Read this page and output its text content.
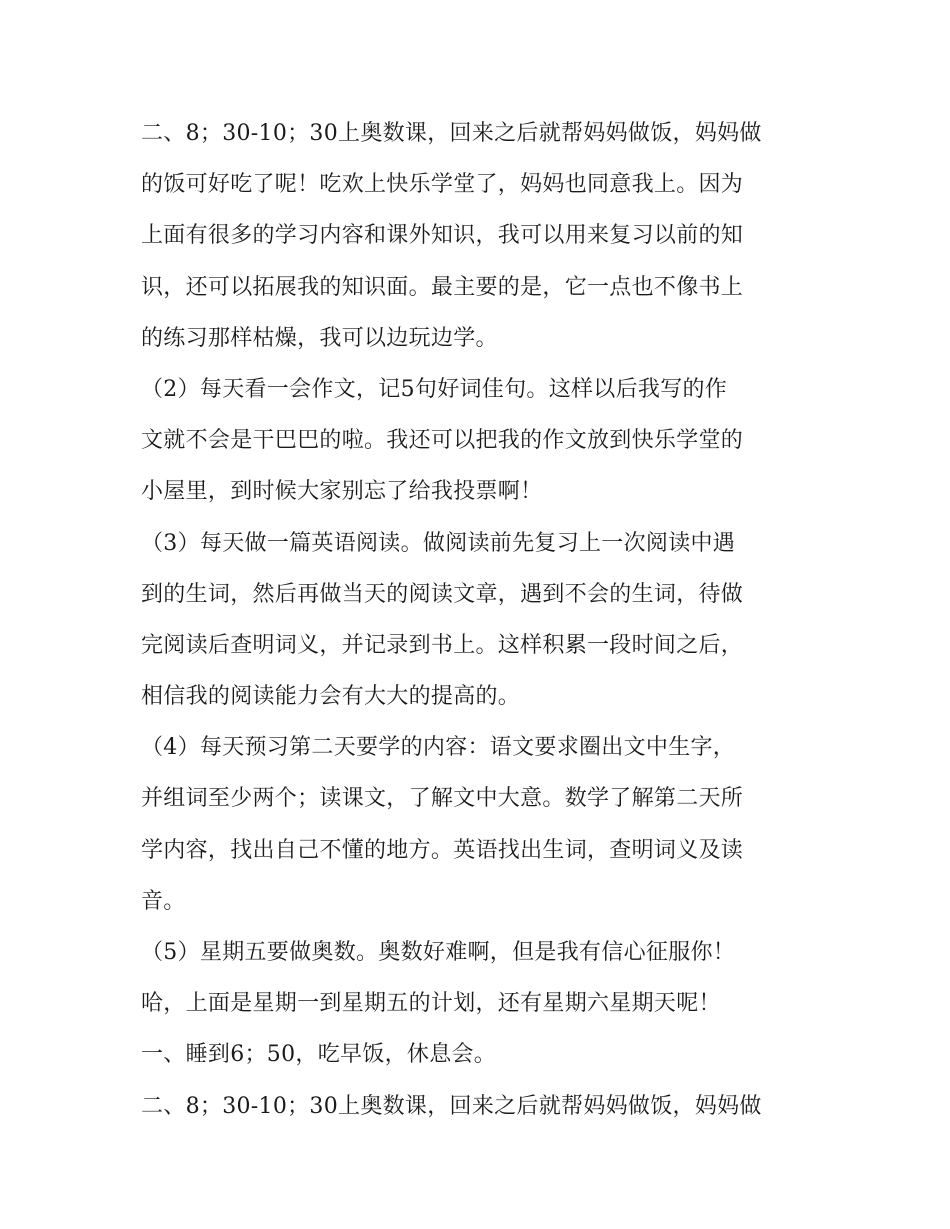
二、8；30-10；30上奥数课，回来之后就帮妈妈做饭，妈妈做
的饭可好吃了呢！吃欢上快乐学堂了，妈妈也同意我上。因为
上面有很多的学习内容和课外知识，我可以用来复习以前的知
识，还可以拓展我的知识面。最主要的是，它一点也不像书上
的练习那样枯燥，我可以边玩边学。
（2）每天看一会作文，记5句好词佳句。这样以后我写的作
文就不会是干巴巴的啦。我还可以把我的作文放到快乐学堂的
小屋里，到时候大家别忘了给我投票啊！
（3）每天做一篇英语阅读。做阅读前先复习上一次阅读中遇
到的生词，然后再做当天的阅读文章，遇到不会的生词，待做
完阅读后查明词义，并记录到书上。这样积累一段时间之后，
相信我的阅读能力会有大大的提高的。
（4）每天预习第二天要学的内容：语文要求圈出文中生字，
并组词至少两个；读课文，了解文中大意。数学了解第二天所
学内容，找出自己不懂的地方。英语找出生词，查明词义及读
音。
（5）星期五要做奥数。奥数好难啊，但是我有信心征服你！
哈，上面是星期一到星期五的计划，还有星期六星期天呢！
一、睡到6；50，吃早饭，休息会。
二、8；30-10；30上奥数课，回来之后就帮妈妈做饭，妈妈做
